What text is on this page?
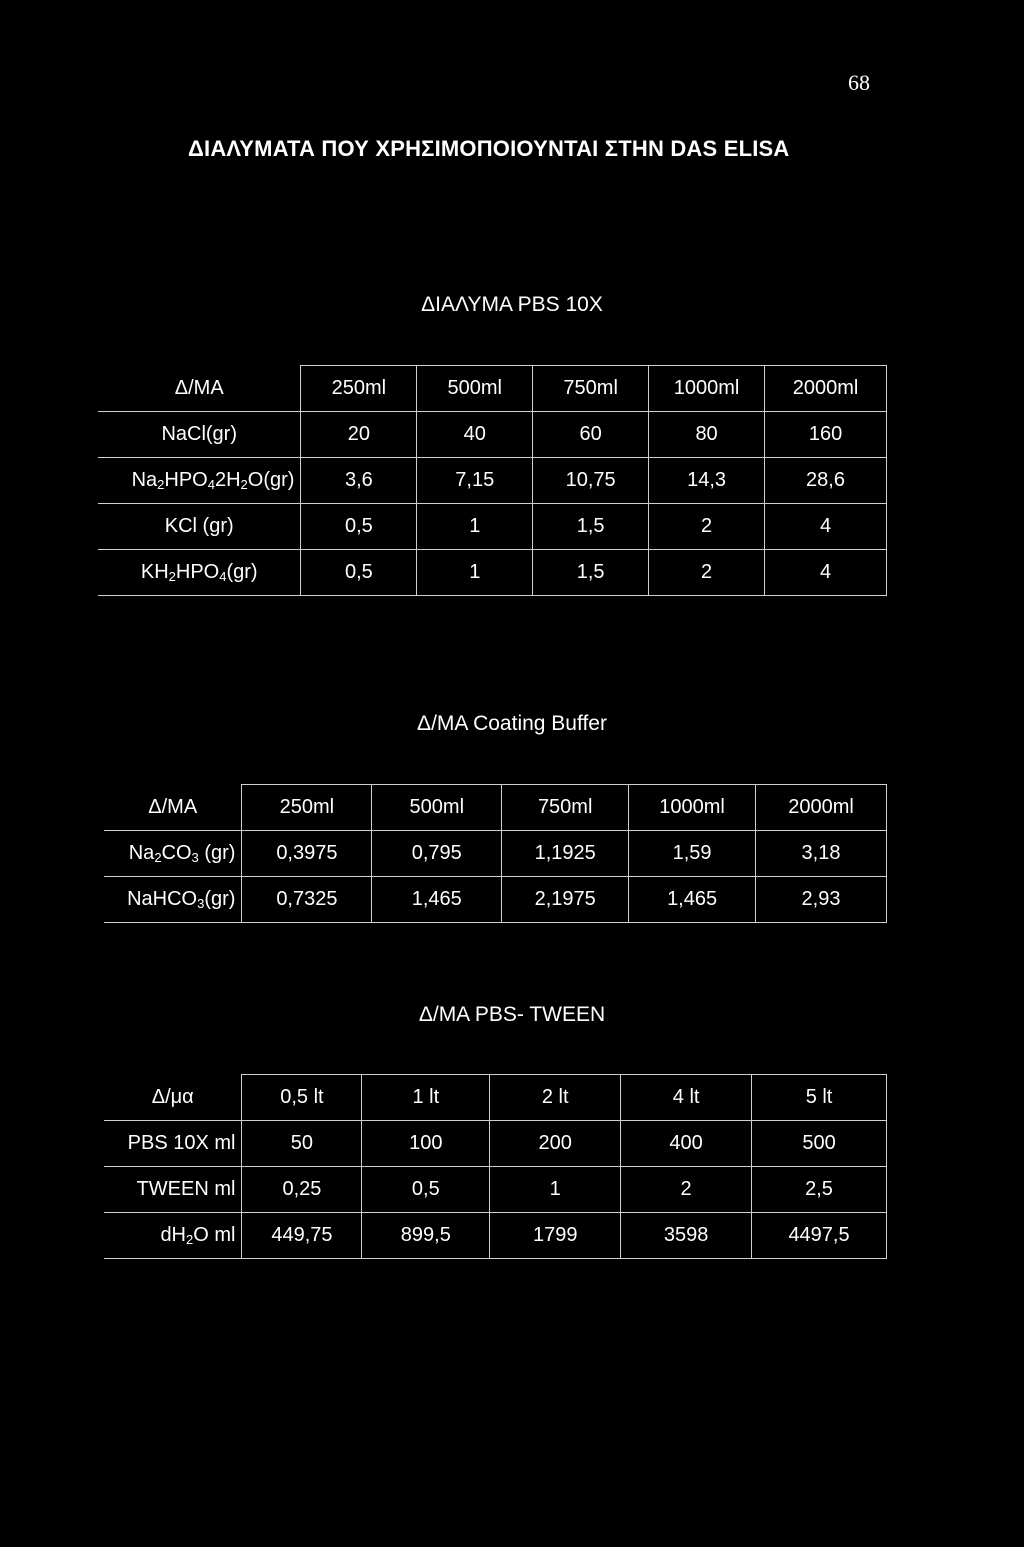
68
ΔΙΑΛΥΜΑΤΑ ΠΟΥ ΧΡΗΣΙΜΟΠΟΙΟΥΝΤΑΙ ΣΤΗΝ DAS ELISA
ΔΙΑΛΥΜΑ PBS 10X
Δ/ΜΑ	250ml	500ml	750ml	1000ml	2000ml
NaCl(gr)	20	40	60	80	160
$Na_2HPO_42H_2O(gr)$	3,6	7,15	10,75	14,3	28,6
KCl (gr)	0,5	1	1,5	2	4
$KH_2HPO_4(gr)$	0,5	1	1,5	2	4
Δ/ΜΑ Coating Buffer
Δ/ΜΑ	250ml	500ml	750ml	1000ml	2000ml
$Na_2CO_3$ (gr)	0,3975	0,795	1,1925	1,59	3,18
NaHCO$_3$(gr)	0,7325	1,465	2,1975	1,465	2,93
Δ/ΜΑ PBS- TWEEN
Δ/μα	0,5 lt	1 lt	2 lt	4 lt	5 lt
PBS 10X ml	50	100	200	400	500
TWEEN ml	0,25	0,5	1	2	2,5
$dH_2O$ ml	449,75	899,5	1799	3598	4497,5
